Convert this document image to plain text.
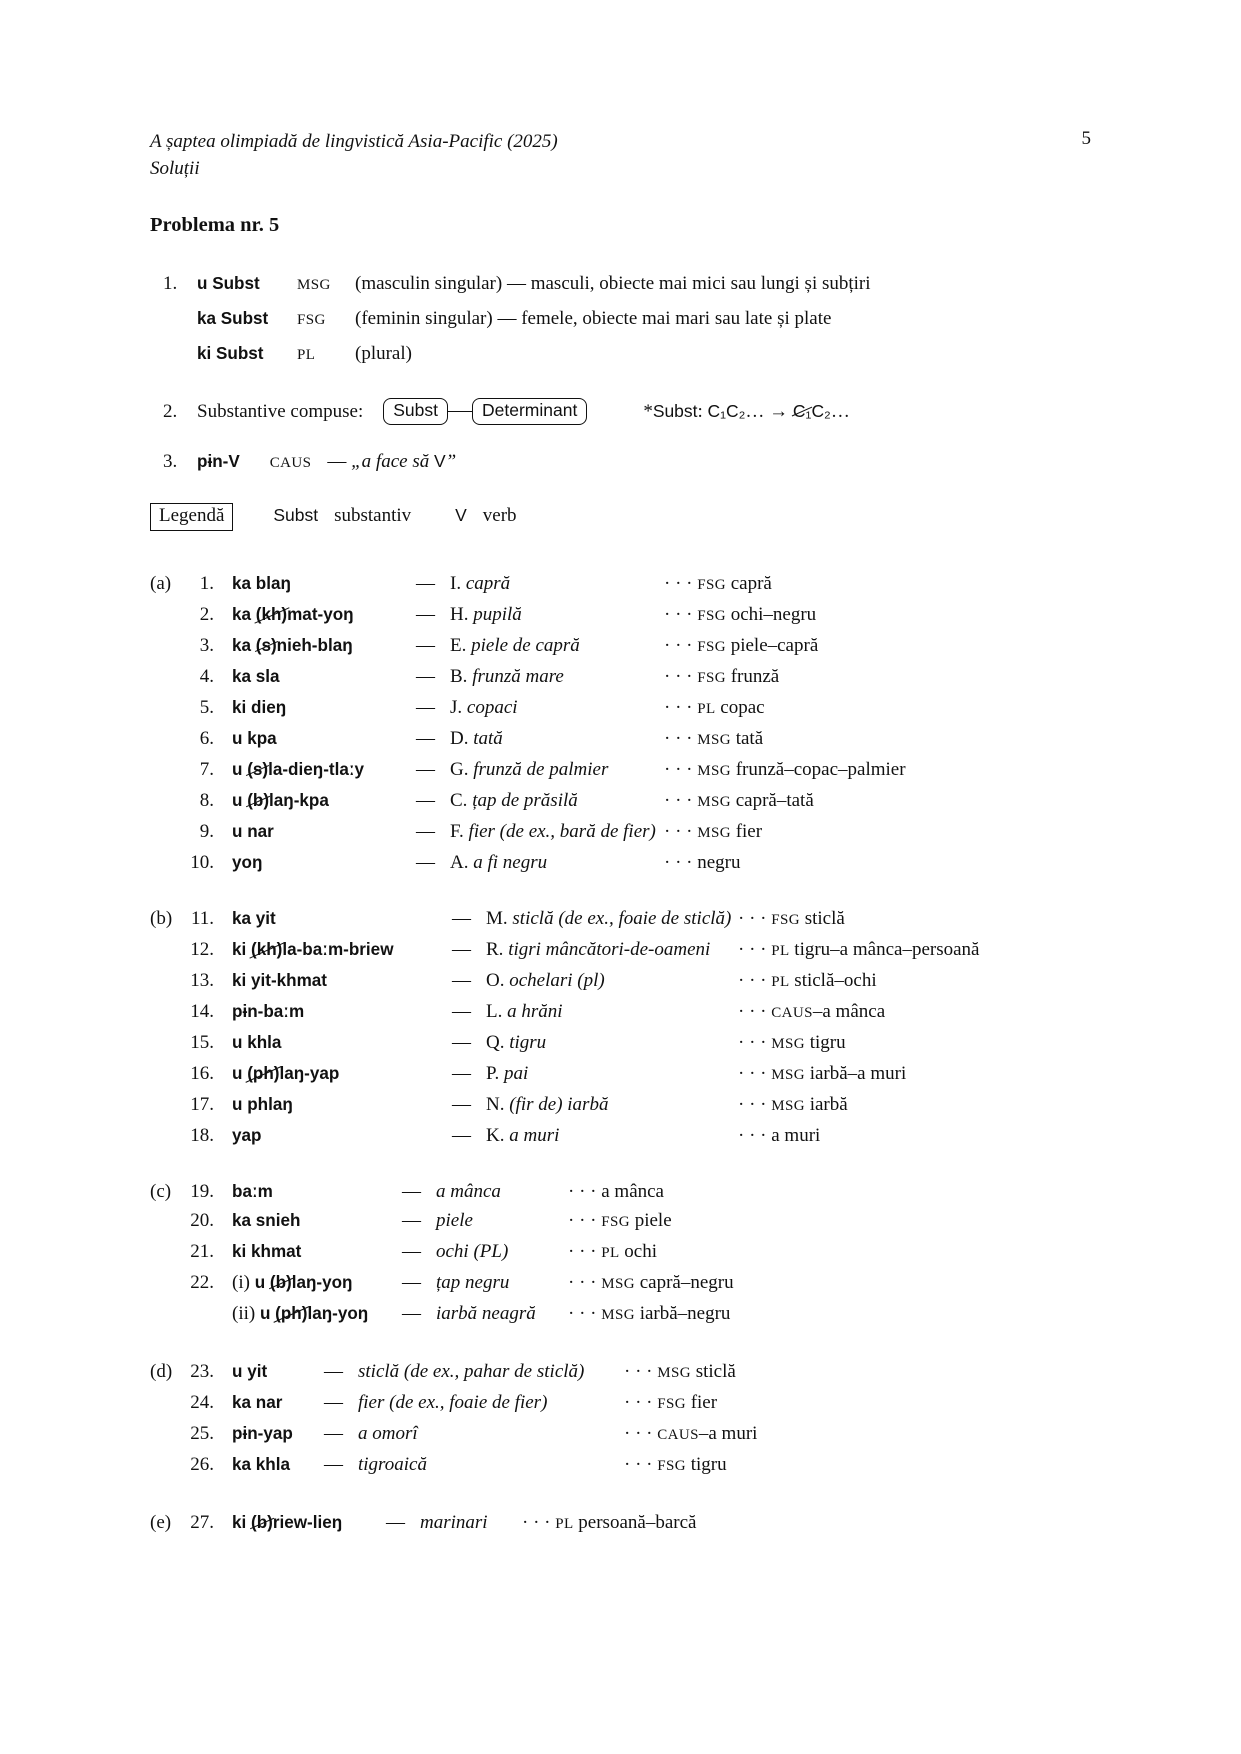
A șaptea olimpiadă de lingvistică Asia-Pacific (2025)
Soluții
5
Problema nr. 5
1.	u Subst	MSG	(masculin singular) — masculi, obiecte mai mici sau lungi și subțiri
ka Subst	FSG	(feminin singular) — femele, obiecte mai mari sau late și plate
ki Subst	PL	(plural)
2.	Substantive compuse:	Subst	Determinant	*Subst: C₁C₂… → C₁C₂…
3.	pɨn-V CAUS — „a face să V”
Legendă	Subst substantiv	V verb
(a)	1.	ka blaŋ	— I. capră	· · · FSG capră
2.	ka (kh)mat-yoŋ	— H. pupilă	· · · FSG ochi–negru
3.	ka (s)nieh-blaŋ	— E. piele de capră	· · · FSG piele–capră
4.	ka sla	— B. frunză mare	· · · FSG frunză
5.	ki dieŋ	— J. copaci	· · · PL copac
6.	u kpa	— D. tată	· · · MSG tată
7.	u (s)la-dieŋ-tlaːy	— G. frunză de palmier	· · · MSG frunză–copac–palmier
8.	u (b)laŋ-kpa	— C. țap de prăsilă	· · · MSG capră–tată
9.	u nar	— F. fier (de ex., bară de fier) · · · MSG fier
10.	yoŋ	— A. a fi negru	· · · negru
(b) 11.	ka yit	— M. sticlă (de ex., foaie de sticlă) · · · FSG sticlă
12.	ki (kh)la-baːm-briew	— R. tigri mâncători-de-oameni	· · · PL tigru–a mânca–persoană
13.	ki yit-khmat	— O. ochelari (pl)	· · · PL sticlă–ochi
14.	pɨn-baːm	— L. a hrăni	· · · CAUS–a mânca
15.	u khla	— Q. tigru	· · · MSG tigru
16.	u (ph)laŋ-yap	— P. pai	· · · MSG iarbă–a muri
17.	u phlaŋ	— N. (fir de) iarbă	· · · MSG iarbă
18.	yap	— K. a muri	· · · a muri
(c)	19.	baːm	— a mânca	· · · a mânca
20.	ka snieh	— piele	· · · FSG piele
21.	ki khmat	— ochi (PL)	· · · PL ochi
22. (i) u (b)laŋ-yoŋ	— țap negru	· · · MSG capră–negru
(ii) u (ph)laŋ-yoŋ	— iarbă neagră	· · · MSG iarbă–negru
(d) 23.	u yit	— sticlă (de ex., pahar de sticlă)	· · · MSG sticlă
24.	ka nar	— fier (de ex., foaie de fier)	· · · FSG fier
25.	pɨn-yap	— a omorî	· · · CAUS–a muri
26.	ka khla	— tigroaică	· · · FSG tigru
(e)	27.	ki (b)riew-lieŋ	— marinari	· · · PL persoană–barcă
